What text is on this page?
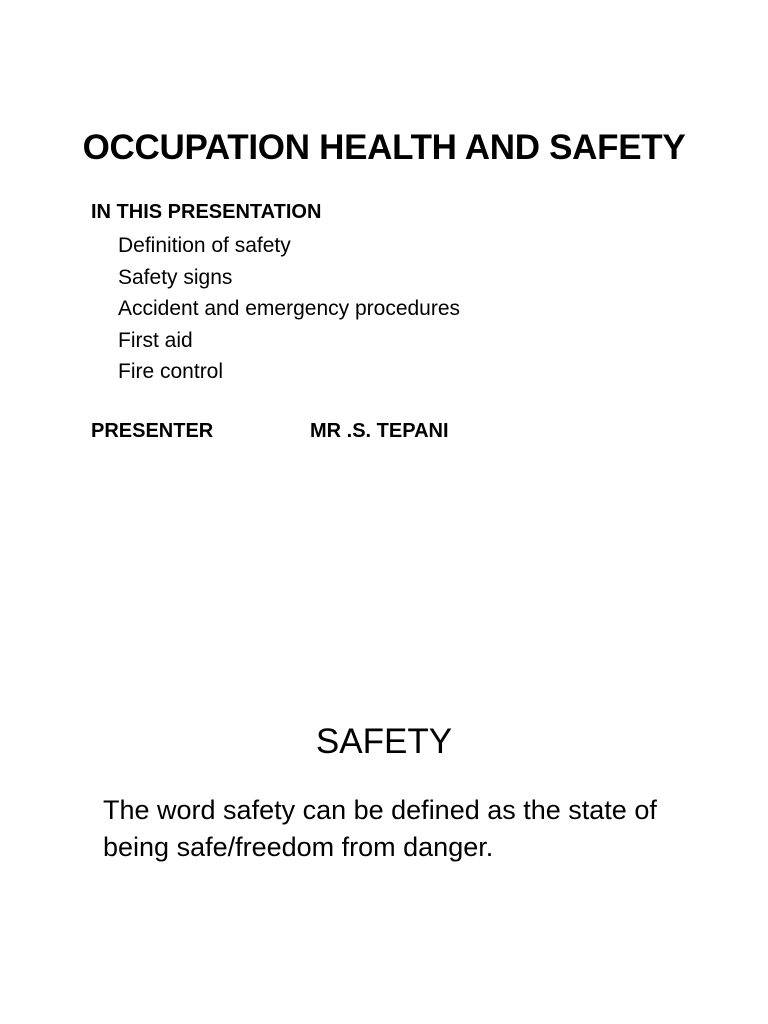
OCCUPATION HEALTH AND SAFETY
IN THIS PRESENTATION
Definition of safety
Safety signs
Accident and emergency procedures
First aid
Fire control
PRESENTER	MR .S. TEPANI
SAFETY

The word safety can be defined as the state of being safe/freedom from danger.
